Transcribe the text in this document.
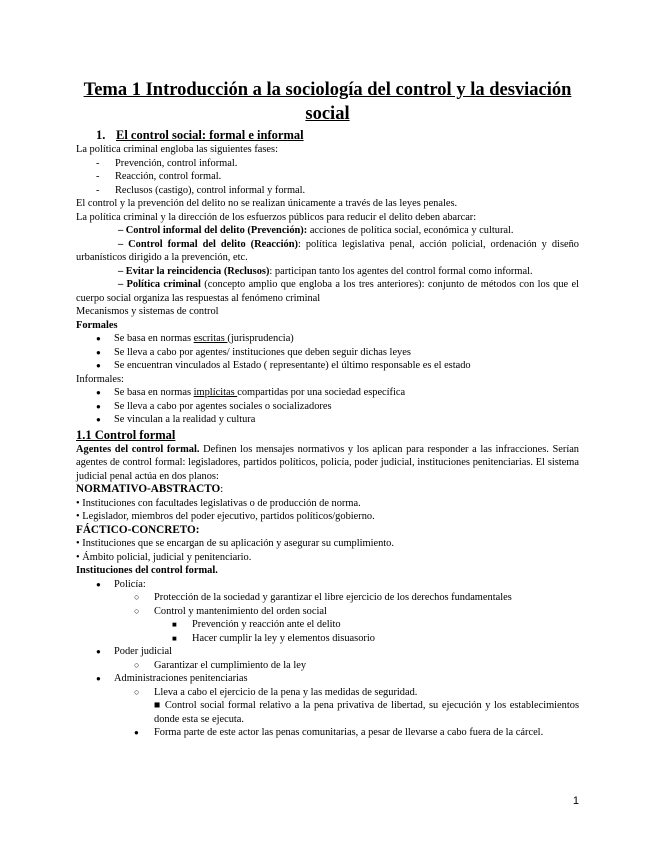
Tema 1 Introducción a la sociología del control y la desviación social
1. El control social: formal e informal

La política criminal engloba las siguientes fases:

- Prevención, control informal.
- Reacción, control formal.
- Reclusos (castigo), control informal y formal.

El control y la prevención del delito no se realizan únicamente a través de las leyes penales.

La política criminal y la dirección de los esfuerzos públicos para reducir el delito deben abarcar:

– Control informal del delito (Prevención): acciones de política social, económica y cultural.

– Control formal del delito (Reacción): política legislativa penal, acción policial, ordenación y diseño urbanísticos dirigido a la prevención, etc.

– Evitar la reincidencia (Reclusos): participan tanto los agentes del control formal como informal.

– Política criminal (concepto amplio que engloba a los tres anteriores): conjunto de métodos con los que el cuerpo social organiza las respuestas al fenómeno criminal

Mecanismos y sistemas de control

Formales

● Se basa en normas escritas (jurisprudencia)
● Se lleva a cabo por agentes/ instituciones que deben seguir dichas leyes
● Se encuentran vinculados al Estado ( representante) el último responsable es el estado

Informales:

● Se basa en normas implícitas compartidas por una sociedad específica
● Se lleva a cabo por agentes sociales o socializadores
● Se vinculan a la realidad y cultura
1.1 Control formal

Agentes del control formal. Definen los mensajes normativos y los aplican para responder a las infracciones. Serían agentes de control formal: legisladores, partidos políticos, policía, poder judicial, instituciones penitenciarias. El sistema judicial penal actúa en dos planos:

NORMATIVO-ABSTRACTO:

• Instituciones con facultades legislativas o de producción de norma.

• Legislador, miembros del poder ejecutivo, partidos políticos/gobierno.

FÁCTICO-CONCRETO:

• Instituciones que se encargan de su aplicación y asegurar su cumplimiento.

• Ámbito policial, judicial y penitenciario.

Instituciones del control formal.

● Policía:
○ Protección de la sociedad y garantizar el libre ejercicio de los derechos fundamentales
○ Control y mantenimiento del orden social
■ Prevención y reacción ante el delito
■ Hacer cumplir la ley y elementos disuasorio
● Poder judicial
○ Garantizar el cumplimiento de la ley
● Administraciones penitenciarias
○ Lleva a cabo el ejercicio de la pena y las medidas de seguridad.

■ Control social formal relativo a la pena privativa de libertad, su ejecución y los establecimientos donde esta se ejecuta.

● Forma parte de este actor las penas comunitarias, a pesar de llevarse a cabo fuera de la cárcel.
1
